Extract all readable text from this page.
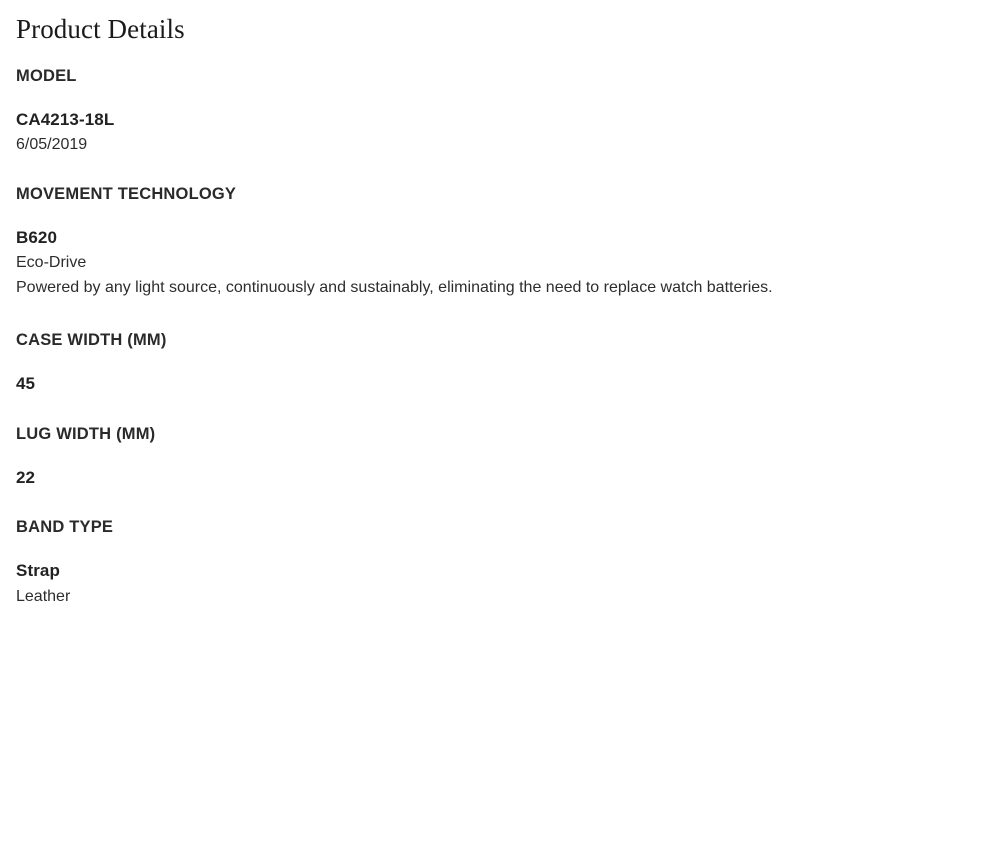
Product Details
MODEL
CA4213-18L
6/05/2019
MOVEMENT TECHNOLOGY
B620
Eco-Drive
Powered by any light source, continuously and sustainably, eliminating the need to replace watch batteries.
CASE WIDTH (MM)
45
LUG WIDTH (MM)
22
BAND TYPE
Strap
Leather
